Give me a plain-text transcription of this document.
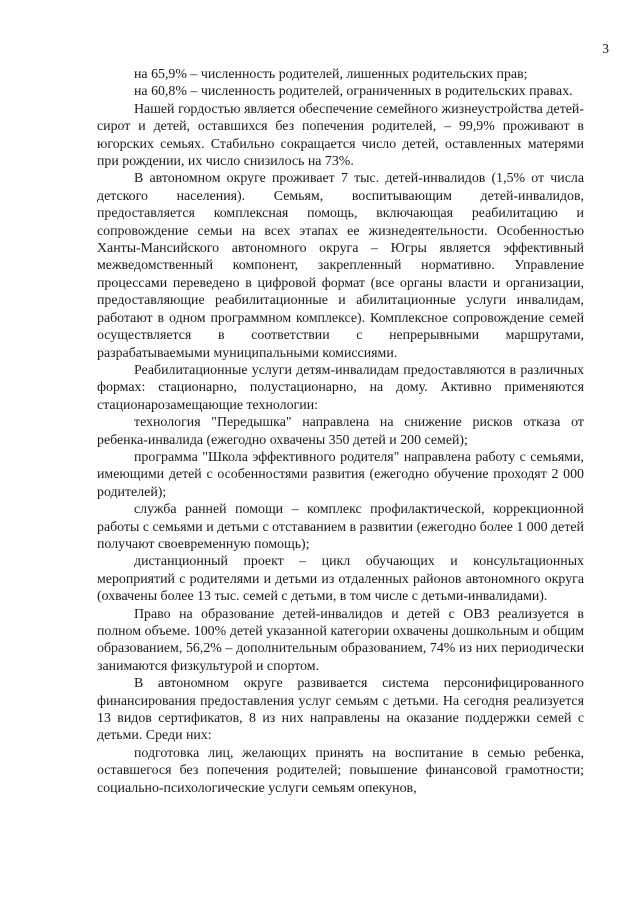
3

на 65,9% – численность родителей, лишенных родительских прав;

на 60,8% – численность родителей, ограниченных в родительских правах.

Нашей гордостью является обеспечение семейного жизнеустройства детей-сирот и детей, оставшихся без попечения родителей, – 99,9% проживают в югорских семьях. Стабильно сокращается число детей, оставленных матерями при рождении, их число снизилось на 73%.

В автономном округе проживает 7 тыс. детей-инвалидов (1,5% от числа детского населения). Семьям, воспитывающим детей-инвалидов, предоставляется комплексная помощь, включающая реабилитацию и сопровождение семьи на всех этапах ее жизнедеятельности. Особенностью Ханты-Мансийского автономного округа – Югры является эффективный межведомственный компонент, закрепленный нормативно. Управление процессами переведено в цифровой формат (все органы власти и организации, предоставляющие реабилитационные и абилитационные услуги инвалидам, работают в одном программном комплексе). Комплексное сопровождение семей осуществляется в соответствии с непрерывными маршрутами, разрабатываемыми муниципальными комиссиями.

Реабилитационные услуги детям-инвалидам предоставляются в различных формах: стационарно, полустационарно, на дому. Активно применяются стационарозамещающие технологии:

технология "Передышка" направлена на снижение рисков отказа от ребенка-инвалида (ежегодно охвачены 350 детей и 200 семей);

программа "Школа эффективного родителя" направлена работу с семьями, имеющими детей с особенностями развития (ежегодно обучение проходят 2 000 родителей);

служба ранней помощи – комплекс профилактической, коррекционной работы с семьями и детьми с отставанием в развитии (ежегодно более 1 000 детей получают своевременную помощь);

дистанционный проект – цикл обучающих и консультационных мероприятий с родителями и детьми из отдаленных районов автономного округа (охвачены более 13 тыс. семей с детьми, в том числе с детьми-инвалидами).

Право на образование детей-инвалидов и детей с ОВЗ реализуется в полном объеме. 100% детей указанной категории охвачены дошкольным и общим образованием, 56,2% – дополнительным образованием, 74% из них периодически занимаются физкультурой и спортом.

В автономном округе развивается система персонифицированного финансирования предоставления услуг семьям с детьми. На сегодня реализуется 13 видов сертификатов, 8 из них направлены на оказание поддержки семей с детьми. Среди них:

подготовка лиц, желающих принять на воспитание в семью ребенка, оставшегося без попечения родителей; повышение финансовой грамотности; социально-психологические услуги семьям опекунов,
